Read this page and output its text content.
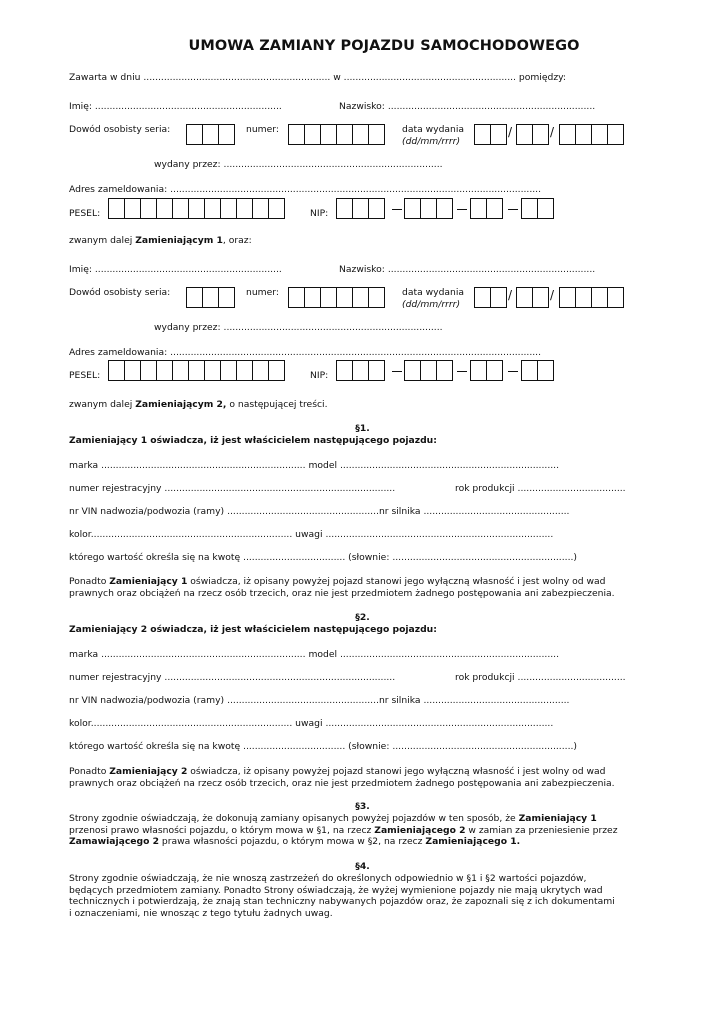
UMOWA ZAMIANY POJAZDU SAMOCHODOWEGO
Zawarta w dniu ................................................................ w ........................................................... pomiędzy:
Imię: ................................................................	Nazwisko: .......................................................................
Dowód osobisty seria:	numer:	data wydania
(dd/mm/rrrr)
/	/
wydany przez: ...........................................................................
Adres zameldowania: ...............................................................................................................................
PESEL:	NIP:
zwanym dalej Zamieniającym 1, oraz:
Imię: ................................................................	Nazwisko: .......................................................................
Dowód osobisty seria:	numer:	data wydania
(dd/mm/rrrr)
/	/
wydany przez: ...........................................................................
Adres zameldowania: ...............................................................................................................................
PESEL:	NIP:
zwanym dalej Zamieniającym 2, o następującej treści.
§1.
Zamieniający 1 oświadcza, iż jest właścicielem następującego pojazdu:
marka ...................................................................... model ...........................................................................
numer rejestracyjny ...............................................................................	rok produkcji .....................................
nr VIN nadwozia/podwozia (ramy) ....................................................nr silnika ..................................................
kolor..................................................................... uwagi ..............................................................................
którego wartość określa się na kwotę ................................... (słownie: ..............................................................)
Ponadto Zamieniający 1 oświadcza, iż opisany powyżej pojazd stanowi jego wyłączną własność i jest wolny od wad
prawnych oraz obciążeń na rzecz osób trzecich, oraz nie jest przedmiotem żadnego postępowania ani zabezpieczenia.
§2.
Zamieniający 2 oświadcza, iż jest właścicielem następującego pojazdu:
marka ...................................................................... model ...........................................................................
numer rejestracyjny ...............................................................................	rok produkcji .....................................
nr VIN nadwozia/podwozia (ramy) ....................................................nr silnika ..................................................
kolor..................................................................... uwagi ..............................................................................
którego wartość określa się na kwotę ................................... (słownie: ..............................................................)
Ponadto Zamieniający 2 oświadcza, iż opisany powyżej pojazd stanowi jego wyłączną własność i jest wolny od wad
prawnych oraz obciążeń na rzecz osób trzecich, oraz nie jest przedmiotem żadnego postępowania ani zabezpieczenia.
§3.
Strony zgodnie oświadczają, że dokonują zamiany opisanych powyżej pojazdów w ten sposób, że Zamieniający 1
przenosi prawo własności pojazdu, o którym mowa w §1, na rzecz Zamieniającego 2 w zamian za przeniesienie przez
Zamawiającego 2 prawa własności pojazdu, o którym mowa w §2, na rzecz Zamieniającego 1.
§4.
Strony zgodnie oświadczają, że nie wnoszą zastrzeżeń do określonych odpowiednio w §1 i §2 wartości pojazdów,
będących przedmiotem zamiany. Ponadto Strony oświadczają, że wyżej wymienione pojazdy nie mają ukrytych wad
technicznych i potwierdzają, że znają stan techniczny nabywanych pojazdów oraz, że zapoznali się z ich dokumentami
i oznaczeniami, nie wnosząc z tego tytułu żadnych uwag.
